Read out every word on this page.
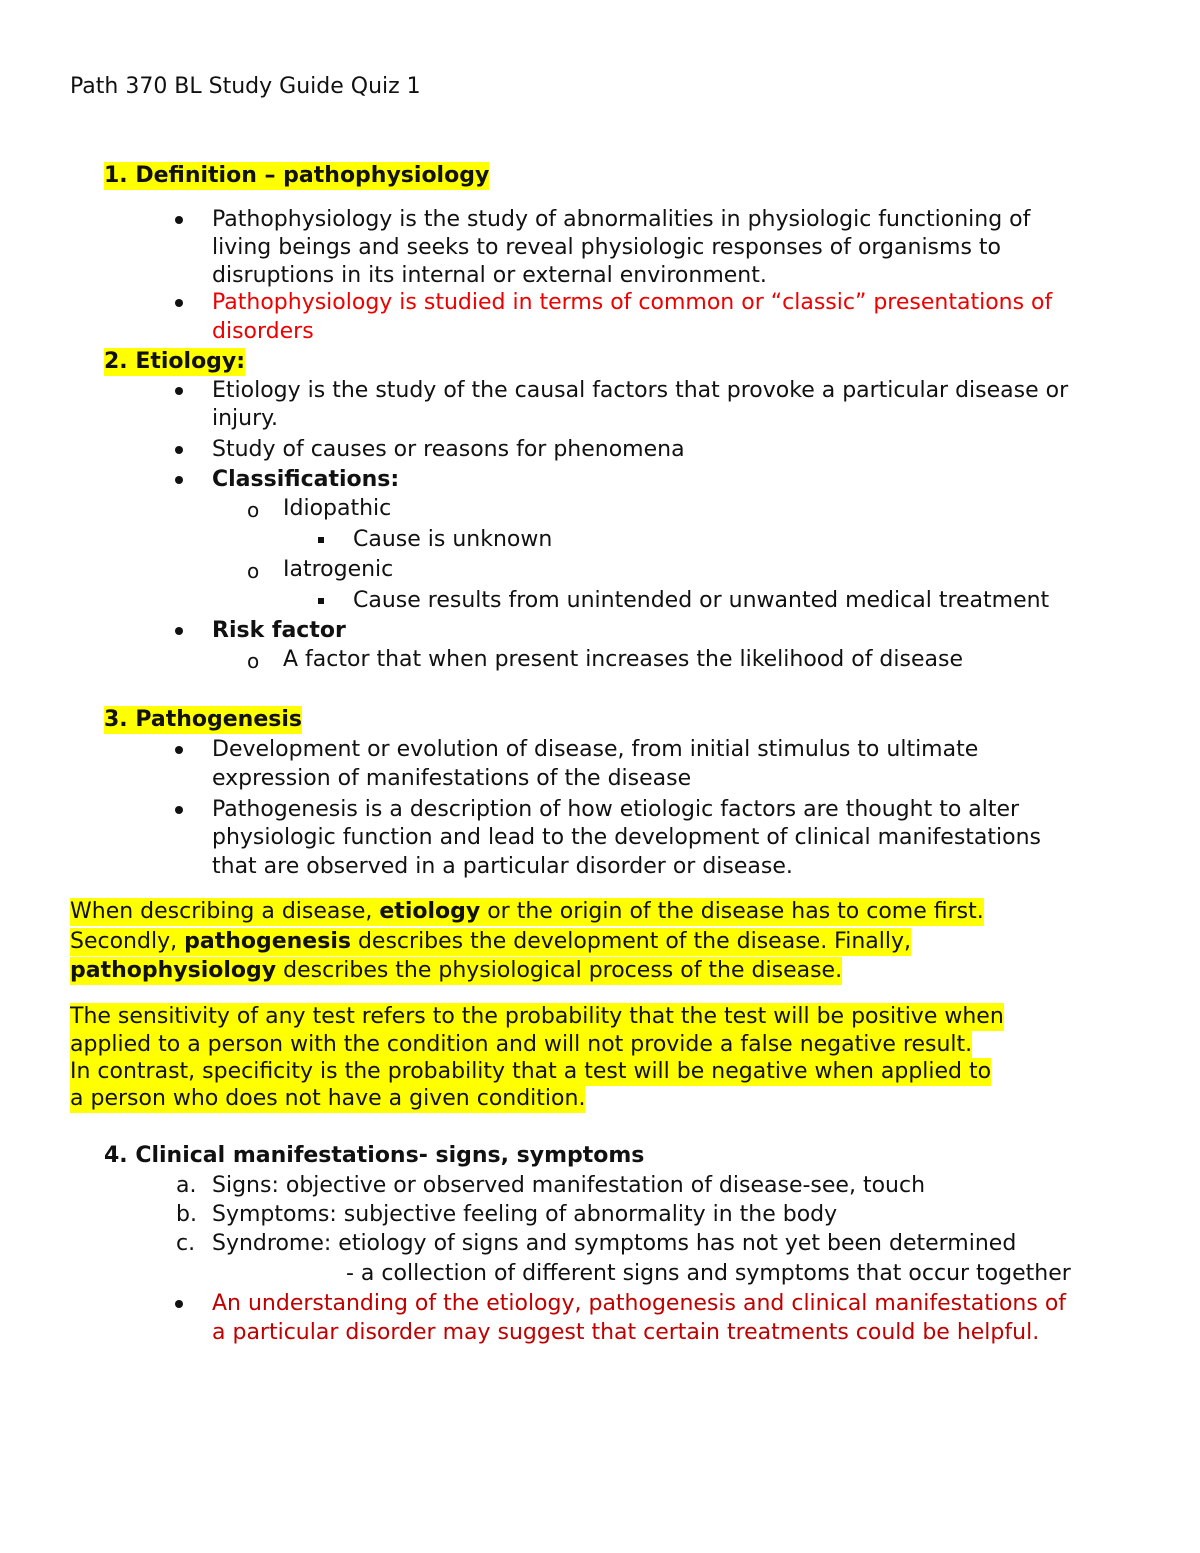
Path 370 BL Study Guide Quiz 1
1. Definition – pathophysiology
Pathophysiology is the study of abnormalities in physiologic functioning of
living beings and seeks to reveal physiologic responses of organisms to
disruptions in its internal or external environment.
Pathophysiology is studied in terms of common or “classic” presentations of
disorders
2. Etiology:
Etiology is the study of the causal factors that provoke a particular disease or
injury.
Study of causes or reasons for phenomena
Classifications:
o Idiopathic
Cause is unknown
o Iatrogenic
Cause results from unintended or unwanted medical treatment
Risk factor
o A factor that when present increases the likelihood of disease
3. Pathogenesis
Development or evolution of disease, from initial stimulus to ultimate
expression of manifestations of the disease
Pathogenesis is a description of how etiologic factors are thought to alter
physiologic function and lead to the development of clinical manifestations
that are observed in a particular disorder or disease.
When describing a disease, etiology or the origin of the disease has to come first.
Secondly, pathogenesis describes the development of the disease. Finally,
pathophysiology describes the physiological process of the disease.
The sensitivity of any test refers to the probability that the test will be positive when
applied to a person with the condition and will not provide a false negative result.
In contrast, specificity is the probability that a test will be negative when applied to
a person who does not have a given condition.
4. Clinical manifestations- signs, symptoms
a. Signs: objective or observed manifestation of disease-see, touch
b. Symptoms: subjective feeling of abnormality in the body
c. Syndrome: etiology of signs and symptoms has not yet been determined
- a collection of different signs and symptoms that occur together
An understanding of the etiology, pathogenesis and clinical manifestations of
a particular disorder may suggest that certain treatments could be helpful.
